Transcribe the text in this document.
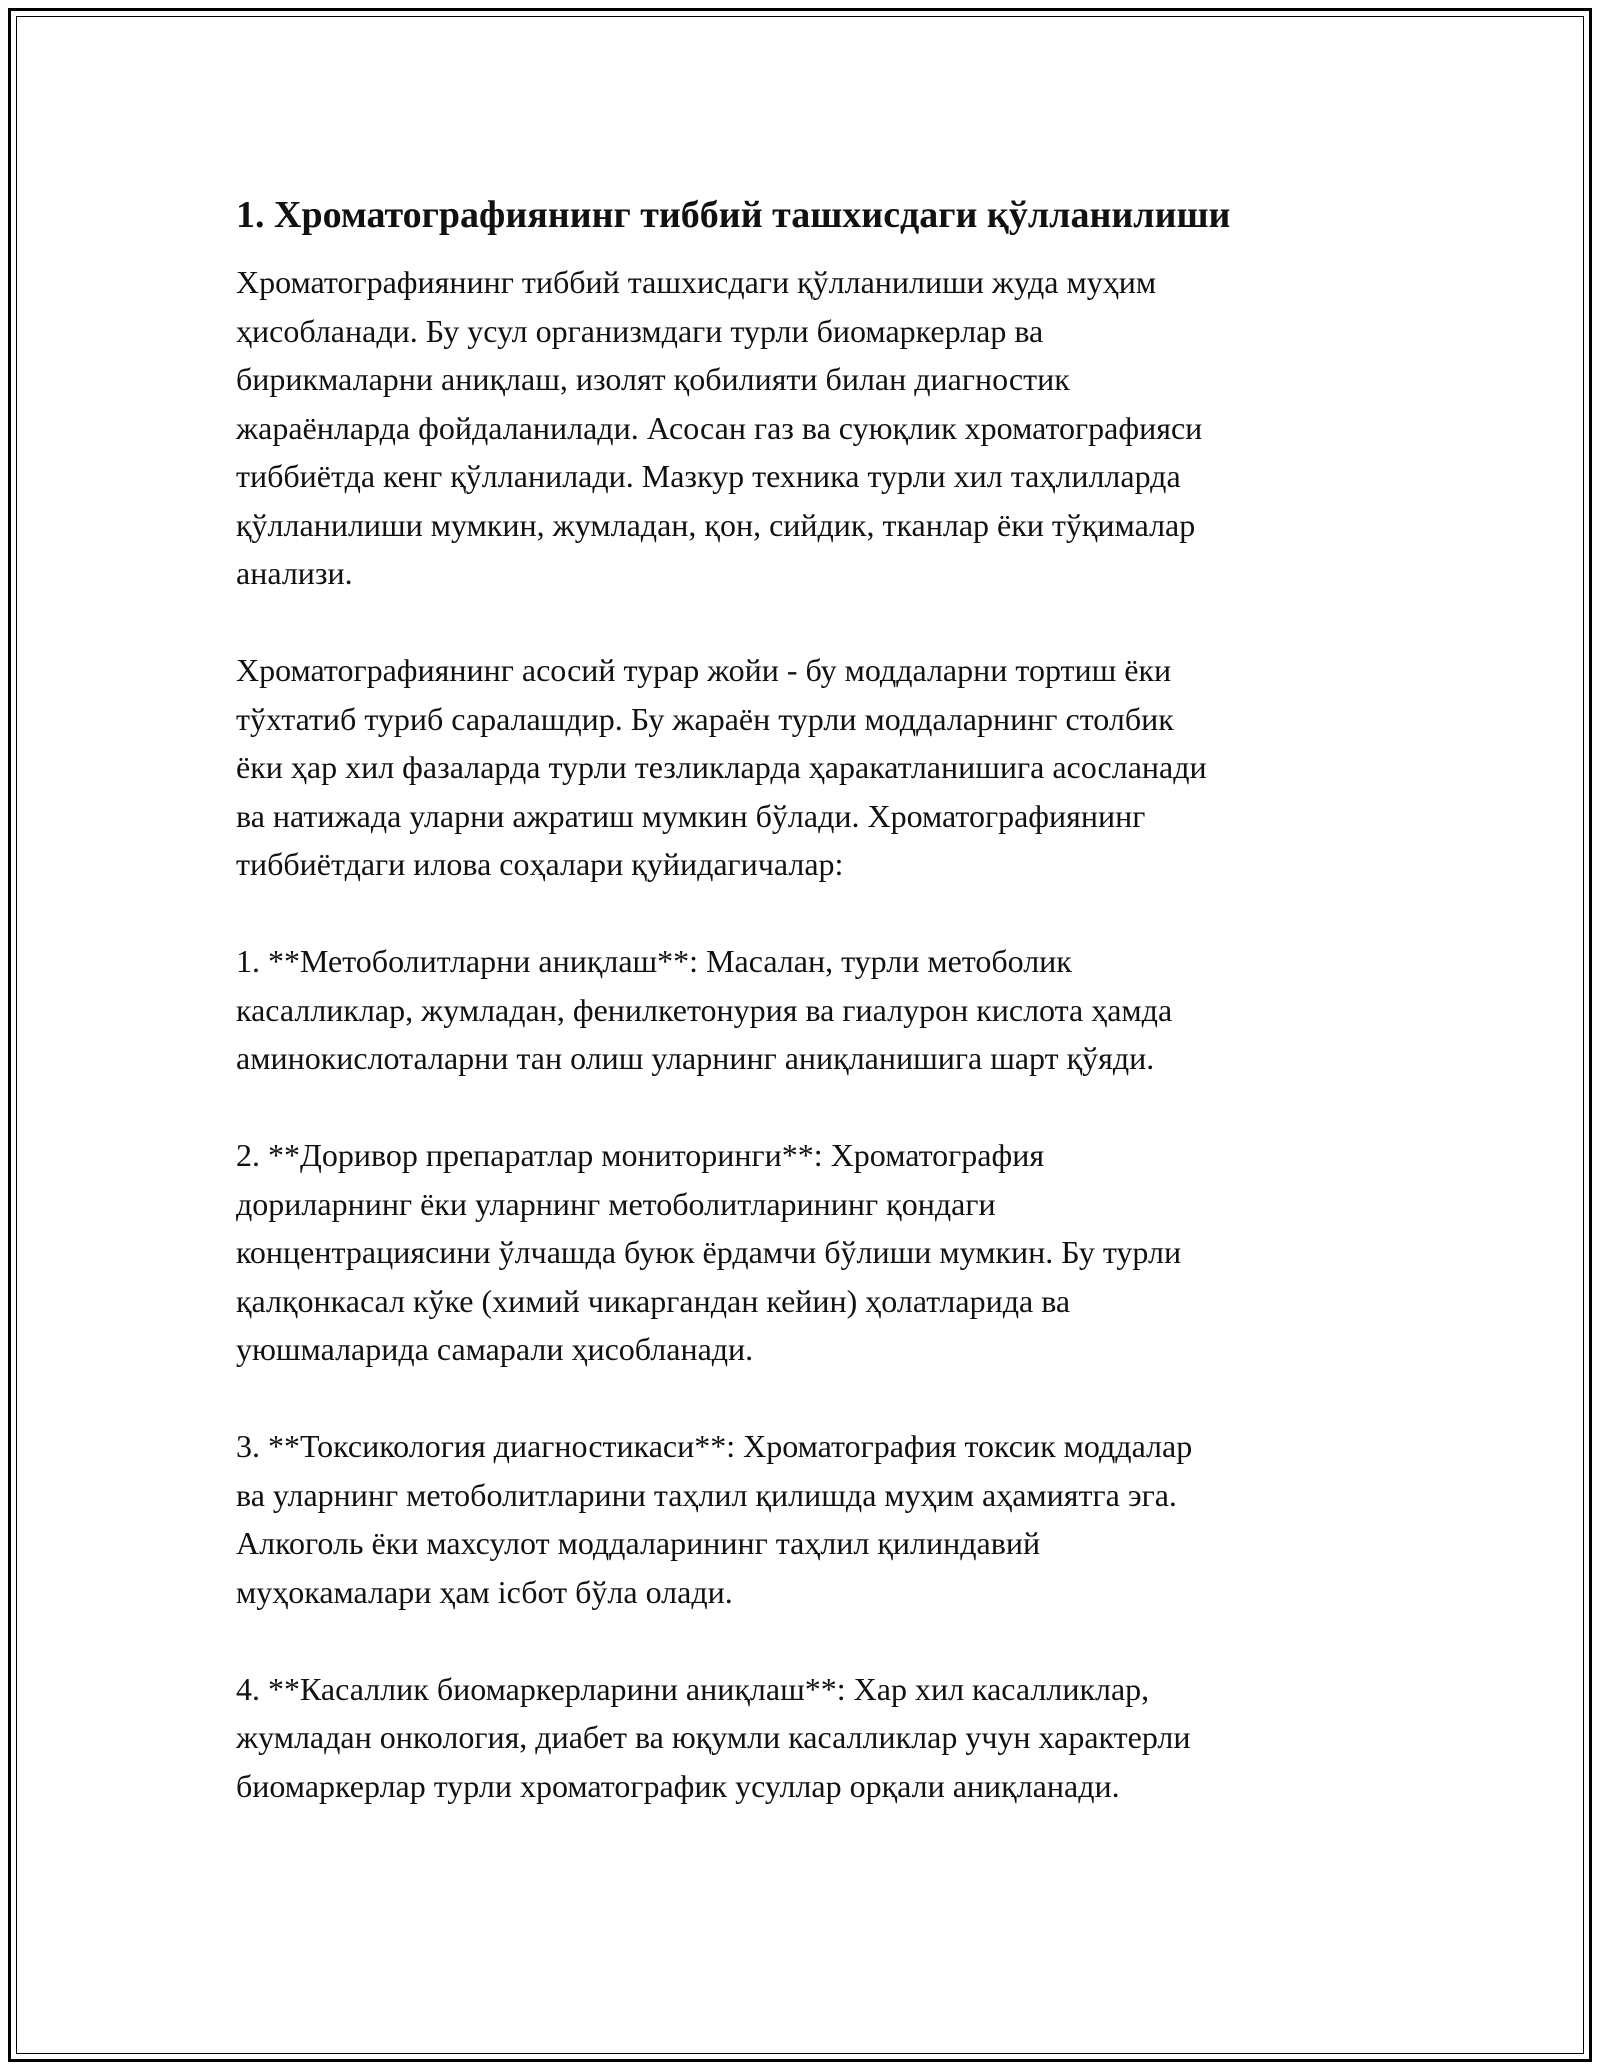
1. Хроматографиянинг тиббий ташхисдаги қўлланилиши

Хроматографиянинг тиббий ташхисдаги қўлланилиши жуда муҳим
ҳисобланади. Бу усул организмдаги турли биомаркерлар ва
бирикмаларни аниқлаш, изолят қобилияти билан диагностик
жараёнларда фойдаланилади. Асосан газ ва суюқлик хроматографияси
тиббиётда кенг қўлланилади. Мазкур техника турли хил таҳлилларда
қўлланилиши мумкин, жумладан, қон, сийдик, тканлар ёки тўқималар
анализи.

Хроматографиянинг асосий турар жойи - бу моддаларни тортиш ёки
тўхтатиб туриб саралашдир. Бу жараён турли моддаларнинг столбик
ёки ҳар хил фазаларда турли тезликларда ҳаракатланишига асосланади
ва натижада уларни ажратиш мумкин бўлади. Хроматографиянинг
тиббиётдаги илова соҳалари қуйидагичалар:

1. **Метоболитларни аниқлаш**: Масалан, турли метоболик
касалликлар, жумладан, фенилкетонурия ва гиалурон кислота ҳамда
аминокислоталарни тан олиш уларнинг аниқланишига шарт қўяди.

2. **Доривор препаратлар мониторинги**: Хроматография
дориларнинг ёки уларнинг метоболитларининг қондаги
концентрациясини ўлчашда буюк ёрдамчи бўлиши мумкин. Бу турли
қалқонкасал кўке (химий чикаргандан кейин) ҳолатларида ва
уюшмаларида самарали ҳисобланади.

3. **Токсикология диагностикаси**: Хроматография токсик моддалар
ва уларнинг метоболитларини таҳлил қилишда муҳим аҳамиятга эга.
Алкоголь ёки махсулот моддаларининг таҳлил қилиндавий
муҳокамалари ҳам ісбот бўла олади.

4. **Касаллик биомаркерларини аниқлаш**: Хар хил касалликлар,
жумладан онкология, диабет ва юқумли касалликлар учун характерли
биомаркерлар турли хроматографик усуллар орқали аниқланади.
